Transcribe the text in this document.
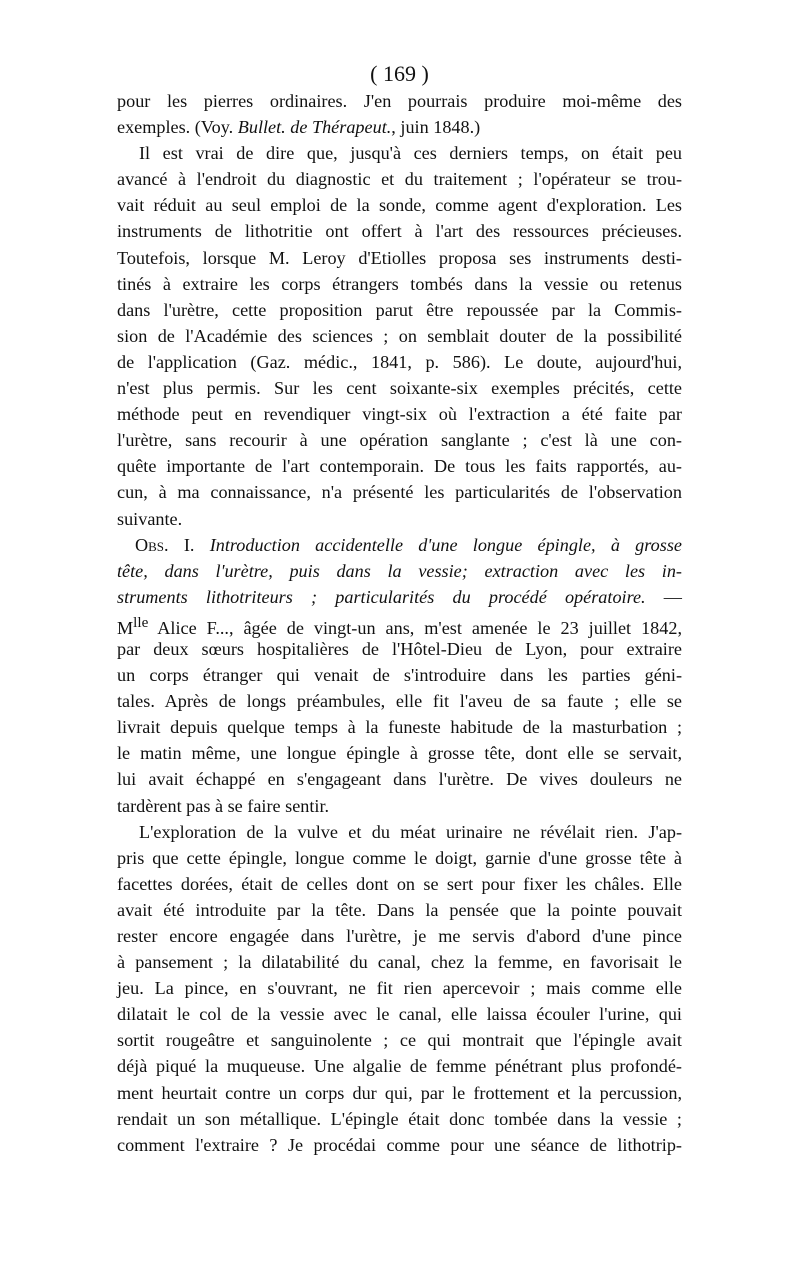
( 169 )
pour les pierres ordinaires. J'en pourrais produire moi-même des
exemples. (Voy. Bullet. de Thérapeut., juin 1848.)
Il est vrai de dire que, jusqu'à ces derniers temps, on était peu
avancé à l'endroit du diagnostic et du traitement ; l'opérateur se trou-
vait réduit au seul emploi de la sonde, comme agent d'exploration. Les
instruments de lithotritie ont offert à l'art des ressources précieuses.
Toutefois, lorsque M. Leroy d'Etiolles proposa ses instruments desti-
tinés à extraire les corps étrangers tombés dans la vessie ou retenus
dans l'urètre, cette proposition parut être repoussée par la Commis-
sion de l'Académie des sciences ; on semblait douter de la possibilité
de l'application (Gaz. médic., 1841, p. 586). Le doute, aujourd'hui,
n'est plus permis. Sur les cent soixante-six exemples précités, cette
méthode peut en revendiquer vingt-six où l'extraction a été faite par
l'urètre, sans recourir à une opération sanglante ; c'est là une con-
quête importante de l'art contemporain. De tous les faits rapportés, au-
cun, à ma connaissance, n'a présenté les particularités de l'observation
suivante.
Obs. I. Introduction accidentelle d'une longue épingle, à grosse
tête, dans l'urètre, puis dans la vessie; extraction avec les in-
struments lithotriteurs ; particularités du procédé opératoire. —
$M^{lle}$ Alice F..., âgée de vingt-un ans, m'est amenée le 23 juillet 1842,
par deux sœurs hospitalières de l'Hôtel-Dieu de Lyon, pour extraire
un corps étranger qui venait de s'introduire dans les parties géni-
tales. Après de longs préambules, elle fit l'aveu de sa faute ; elle se
livrait depuis quelque temps à la funeste habitude de la masturbation ;
le matin même, une longue épingle à grosse tête, dont elle se servait,
lui avait échappé en s'engageant dans l'urètre. De vives douleurs ne
tardèrent pas à se faire sentir.
L'exploration de la vulve et du méat urinaire ne révélait rien. J'ap-
pris que cette épingle, longue comme le doigt, garnie d'une grosse tête à
facettes dorées, était de celles dont on se sert pour fixer les châles. Elle
avait été introduite par la tête. Dans la pensée que la pointe pouvait
rester encore engagée dans l'urètre, je me servis d'abord d'une pince
à pansement ; la dilatabilité du canal, chez la femme, en favorisait le
jeu. La pince, en s'ouvrant, ne fit rien apercevoir ; mais comme elle
dilatait le col de la vessie avec le canal, elle laissa écouler l'urine, qui
sortit rougeâtre et sanguinolente ; ce qui montrait que l'épingle avait
déjà piqué la muqueuse. Une algalie de femme pénétrant plus profondé-
ment heurtait contre un corps dur qui, par le frottement et la percussion,
rendait un son métallique. L'épingle était donc tombée dans la vessie ;
comment l'extraire ? Je procédai comme pour une séance de lithotrip-
